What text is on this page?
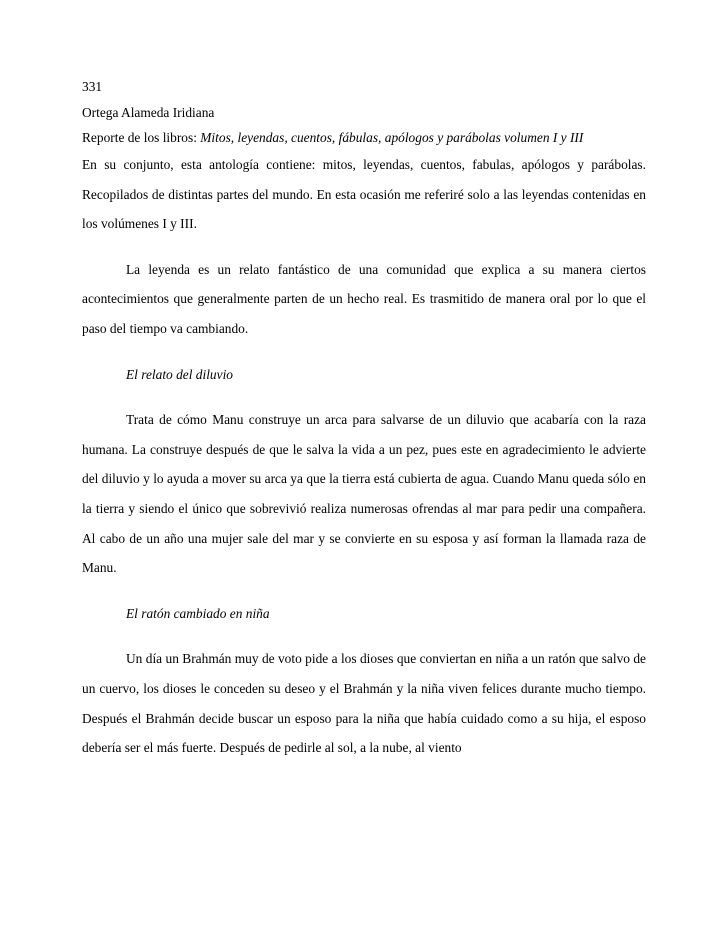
331
Ortega Alameda Iridiana
Reporte de los libros: Mitos, leyendas, cuentos, fábulas, apólogos y parábolas volumen I y III

En su conjunto, esta antología contiene: mitos, leyendas, cuentos, fabulas, apólogos y parábolas. Recopilados de distintas partes del mundo. En esta ocasión me referiré solo a las leyendas contenidas en los volúmenes I y III.

La leyenda es un relato fantástico de una comunidad que explica a su manera ciertos acontecimientos que generalmente parten de un hecho real. Es trasmitido de manera oral por lo que el paso del tiempo va cambiando.

El relato del diluvio

Trata de cómo Manu construye un arca para salvarse de un diluvio que acabaría con la raza humana. La construye después de que le salva la vida a un pez, pues este en agradecimiento le advierte del diluvio y lo ayuda a mover su arca ya que la tierra está cubierta de agua. Cuando Manu queda sólo en la tierra y siendo el único que sobrevivió realiza numerosas ofrendas al mar para pedir una compañera. Al cabo de un año una mujer sale del mar y se convierte en su esposa y así forman la llamada raza de Manu.

El ratón cambiado en niña

Un día un Brahmán muy de voto pide a los dioses que conviertan en niña a un ratón que salvo de un cuervo, los dioses le conceden su deseo y el Brahmán y la niña viven felices durante mucho tiempo. Después el Brahmán decide buscar un esposo para la niña que había cuidado como a su hija, el esposo debería ser el más fuerte. Después de pedirle al sol, a la nube, al viento
